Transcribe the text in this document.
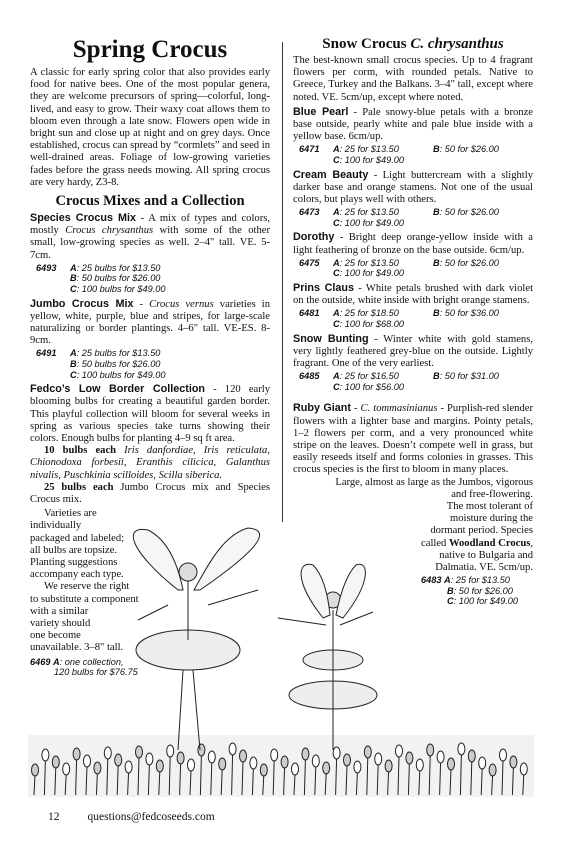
Spring Crocus

A classic for early spring color that also provides early food for native bees. One of the most popular genera, they are welcome precursors of spring—colorful, long-lived, and easy to grow. Their waxy coat allows them to bloom even through a late snow. Flowers open wide in bright sun and close up at night and on grey days. Once established, crocus can spread by “cormlets” and seed in well-drained areas. Foliage of low-growing varieties fades before the grass needs mowing. All spring crocus are very hardy, Z3-8.

Crocus Mixes and a Collection
Species Crocus Mix - A mix of types and colors, mostly Crocus chrysanthus with some of the other small, low-growing species as well. 2–4" tall. VE. 5-7cm.
6493	A: 25 bulbs for $13.50
B: 50 bulbs for $26.00
C: 100 bulbs for $49.00
Jumbo Crocus Mix - Crocus vernus varieties in yellow, white, purple, blue and stripes, for large-scale naturalizing or border plantings. 4–6" tall. VE-ES. 8-9cm.
6491	A: 25 bulbs for $13.50
B: 50 bulbs for $26.00
C: 100 bulbs for $49.00
Fedco’s Low Border Collection - 120 early blooming bulbs for creating a beautiful garden border. This playful collection will bloom for several weeks in spring as various species take turns showing their colors. Enough bulbs for planting 4–9 sq ft area.

10 bulbs each Iris danfordiae, Iris reticulata, Chionodoxa forbesii, Eranthis cilicica, Galanthus nivalis, Puschkinia scilloides, Scilla siberica.

25 bulbs each Jumbo Crocus mix and Species Crocus mix.

Varieties are individually

packaged and labeled;

all bulbs are topsize.

Planting suggestions

accompany each type.

We reserve the right

to substitute a component

with a similar

variety should

one become

unavailable. 3–8" tall.

6469 A: one collection,
120 bulbs for $76.75
Snow Crocus C. chrysanthus

The best-known small crocus species. Up to 4 fragrant flowers per corm, with rounded petals. Native to Greece, Turkey and the Balkans. 3–4" tall, except where noted. VE. 5cm/up, except where noted.

Blue Pearl - Pale snowy-blue petals with a bronze base outside, pearly white and pale blue inside with a yellow base. 6cm/up.
6471	A: 25 for $13.50	B: 50 for $26.00
C: 100 for $49.00
Cream Beauty - Light buttercream with a slightly darker base and orange stamens. Not one of the usual colors, but plays well with others.
6473	A: 25 for $13.50	B: 50 for $26.00
C: 100 for $49.00
Dorothy - Bright deep orange-yellow inside with a light feathering of bronze on the base outside. 6cm/up.
6475	A: 25 for $13.50	B: 50 for $26.00
C: 100 for $49.00
Prins Claus - White petals brushed with dark violet on the outside, white inside with bright orange stamens.
6481	A: 25 for $18.50	B: 50 for $36.00
C: 100 for $68.00
Snow Bunting - Winter white with gold stamens, very lightly feathered grey-blue on the outside. Lightly fragrant. One of the very earliest.
6485	A: 25 for $16.50	B: 50 for $31.00
C: 100 for $56.00
Ruby Giant - C. tommasinianus - Purplish-red slender flowers with a lighter base and margins. Pointy petals, 1–2 flowers per corm, and a very pronounced white stripe on the leaves. Doesn’t compete well in grass, but easily reseeds itself and forms colonies in grasses. This crocus species is the first to bloom in many places.

Large, almost as large as the Jumbos, vigorous

and free-flowering.

The most tolerant of

moisture during the

dormant period. Species

called Woodland Crocus,

native to Bulgaria and

Dalmatia. VE. 5cm/up.

6483 A: 25 for $13.50
B: 50 for $26.00
C: 100 for $49.00
12 questions@fedcoseeds.com
